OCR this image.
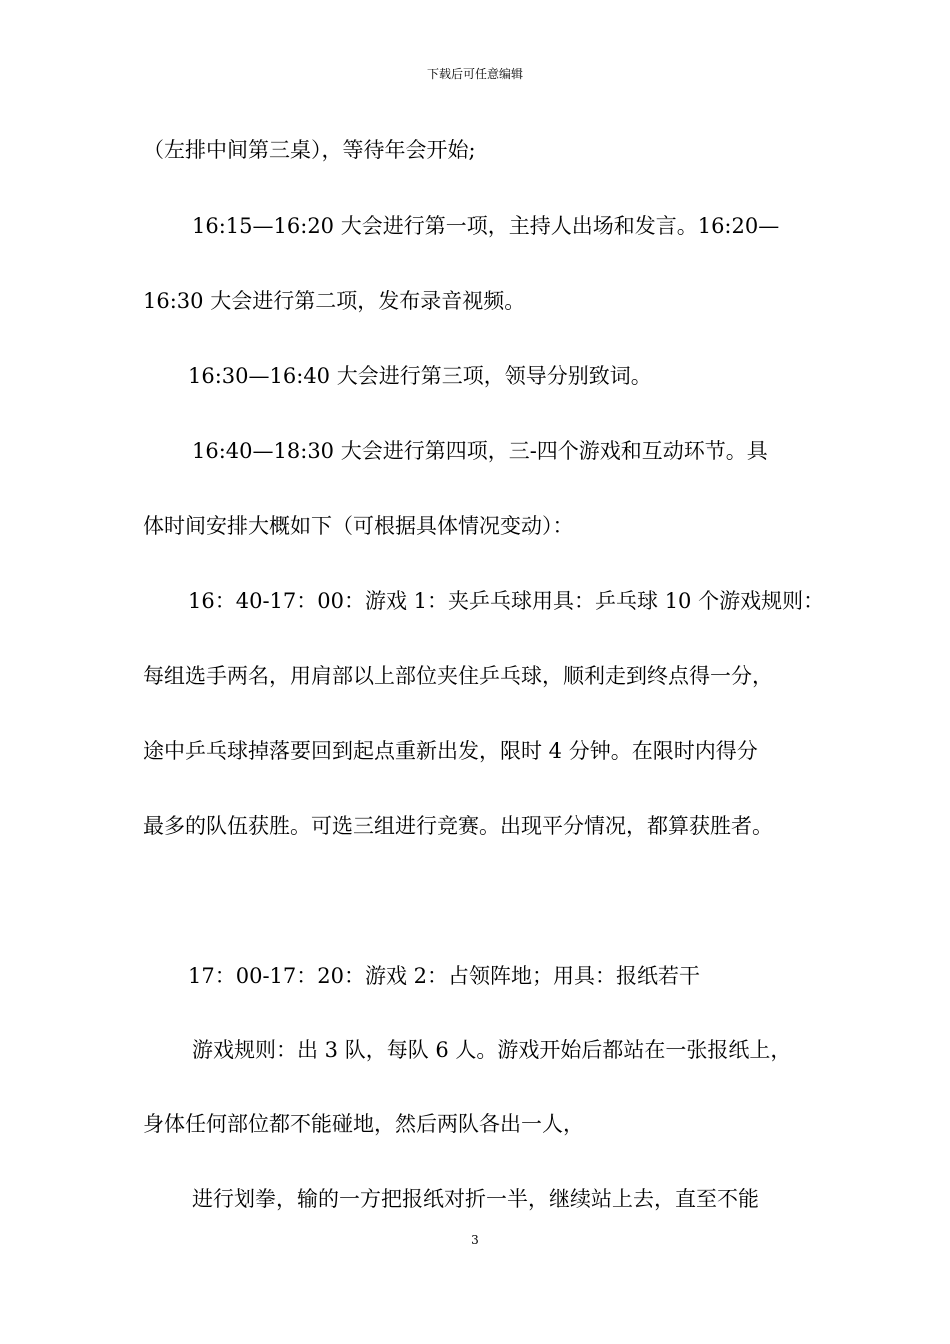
下载后可任意编辑
（左排中间第三桌），等待年会开始;
16:15—16:20 大会进行第一项，主持人出场和发言。16:20—
16:30 大会进行第二项，发布录音视频。
16:30—16:40 大会进行第三项，领导分别致词。
16:40—18:30 大会进行第四项，三-四个游戏和互动环节。具
体时间安排大概如下（可根据具体情况变动）：
16：40-17：00：游戏 1：夹乒乓球用具：乒乓球 10 个游戏规则：
每组选手两名，用肩部以上部位夹住乒乓球，顺利走到终点得一分，
途中乒乓球掉落要回到起点重新出发，限时 4 分钟。在限时内得分
最多的队伍获胜。可选三组进行竞赛。出现平分情况，都算获胜者。
17：00-17：20：游戏 2：占领阵地；用具：报纸若干
游戏规则：出 3 队，每队 6 人。游戏开始后都站在一张报纸上，
身体任何部位都不能碰地，然后两队各出一人，
进行划拳，输的一方把报纸对折一半，继续站上去，直至不能
3
